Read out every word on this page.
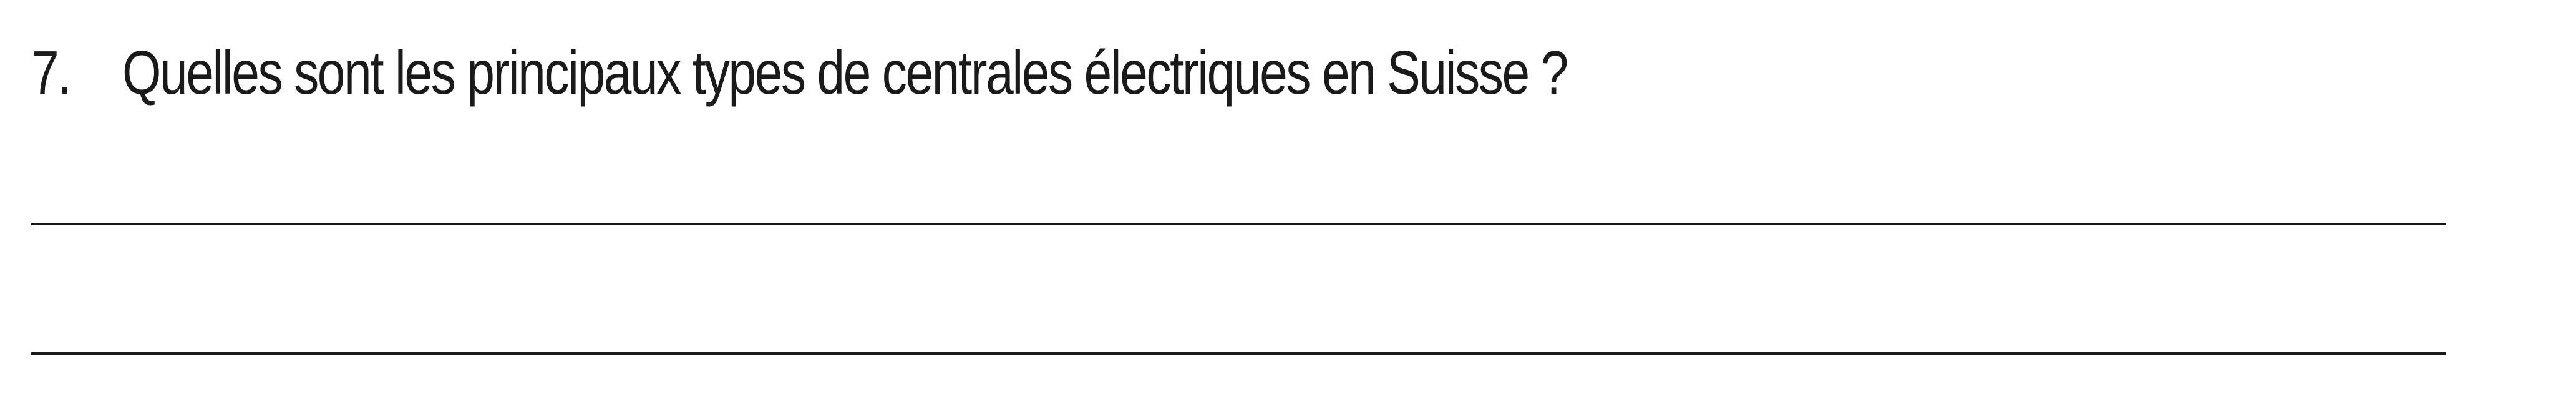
7. Quelles sont les principaux types de centrales électriques en Suisse ?
